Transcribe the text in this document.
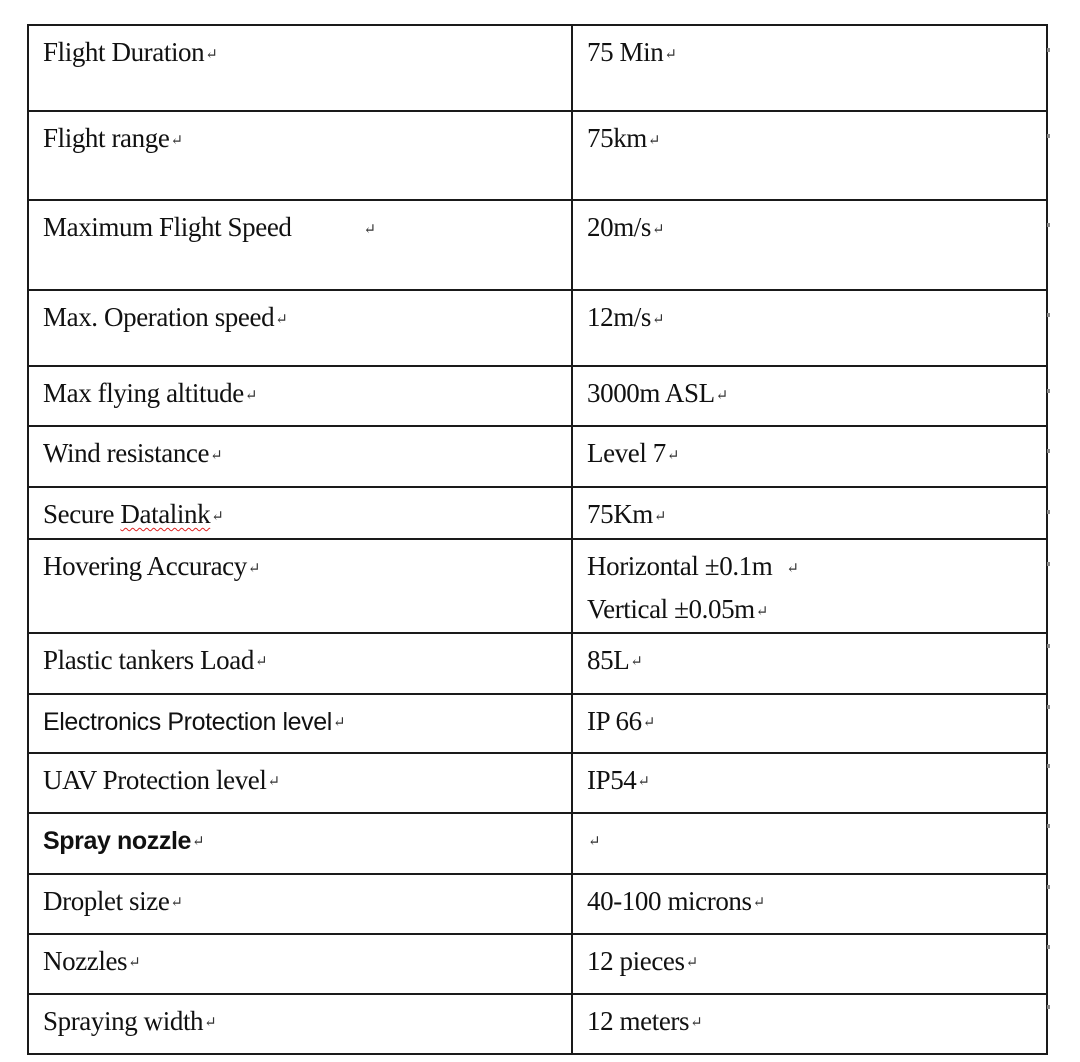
Flight Duration↵	75 Min↵
Flight range↵	75km↵
Maximum Flight Speed ↵	20m/s↵
Max. Operation speed↵	12m/s↵
Max flying altitude↵	3000m ASL↵
Wind resistance↵	Level 7↵
Secure Datalink↵	75Km↵
Hovering Accuracy↵	Horizontal ±0.1m ↵
Vertical ±0.05m↵

Plastic tankers Load↵	85L↵
Electronics Protection level↵	IP 66↵
UAV Protection level↵	IP54↵
Spray nozzle↵	↵
Droplet size↵	40-100 microns↵
Nozzles↵	12 pieces↵
Spraying width↵	12 meters↵
